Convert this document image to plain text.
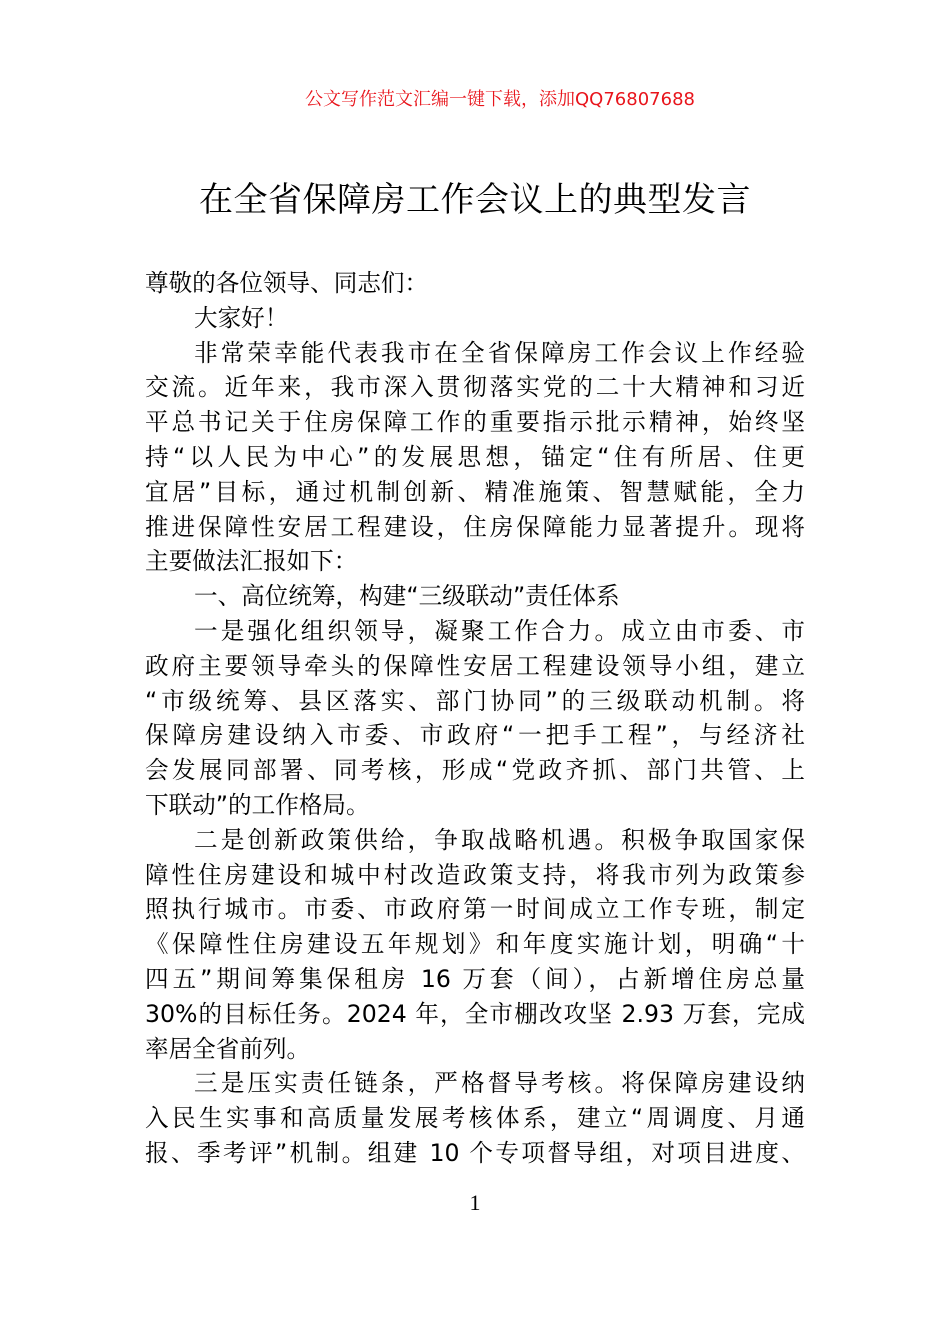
公文写作范文汇编一键下载，添加QQ76807688
在全省保障房工作会议上的典型发言
尊敬的各位领导、同志们：
大家好！
非常荣幸能代表我市在全省保障房工作会议上作经验
交流。近年来，我市深入贯彻落实党的二十大精神和习近
平总书记关于住房保障工作的重要指示批示精神，始终坚
持“以人民为中心”的发展思想，锚定“住有所居、住更
宜居”目标，通过机制创新、精准施策、智慧赋能，全力
推进保障性安居工程建设，住房保障能力显著提升。现将
主要做法汇报如下：
一、高位统筹，构建“三级联动”责任体系
一是强化组织领导，凝聚工作合力。成立由市委、市
政府主要领导牵头的保障性安居工程建设领导小组，建立
“市级统筹、县区落实、部门协同”的三级联动机制。将
保障房建设纳入市委、市政府“一把手工程”，与经济社
会发展同部署、同考核，形成“党政齐抓、部门共管、上
下联动”的工作格局。
二是创新政策供给，争取战略机遇。积极争取国家保
障性住房建设和城中村改造政策支持，将我市列为政策参
照执行城市。市委、市政府第一时间成立工作专班，制定
《保障性住房建设五年规划》和年度实施计划，明确“十
四五”期间筹集保租房 16 万套（间），占新增住房总量
30%的目标任务。2024 年，全市棚改攻坚 2.93 万套，完成
率居全省前列。
三是压实责任链条，严格督导考核。将保障房建设纳
入民生实事和高质量发展考核体系，建立“周调度、月通
报、季考评”机制。组建 10 个专项督导组，对项目进度、
1
